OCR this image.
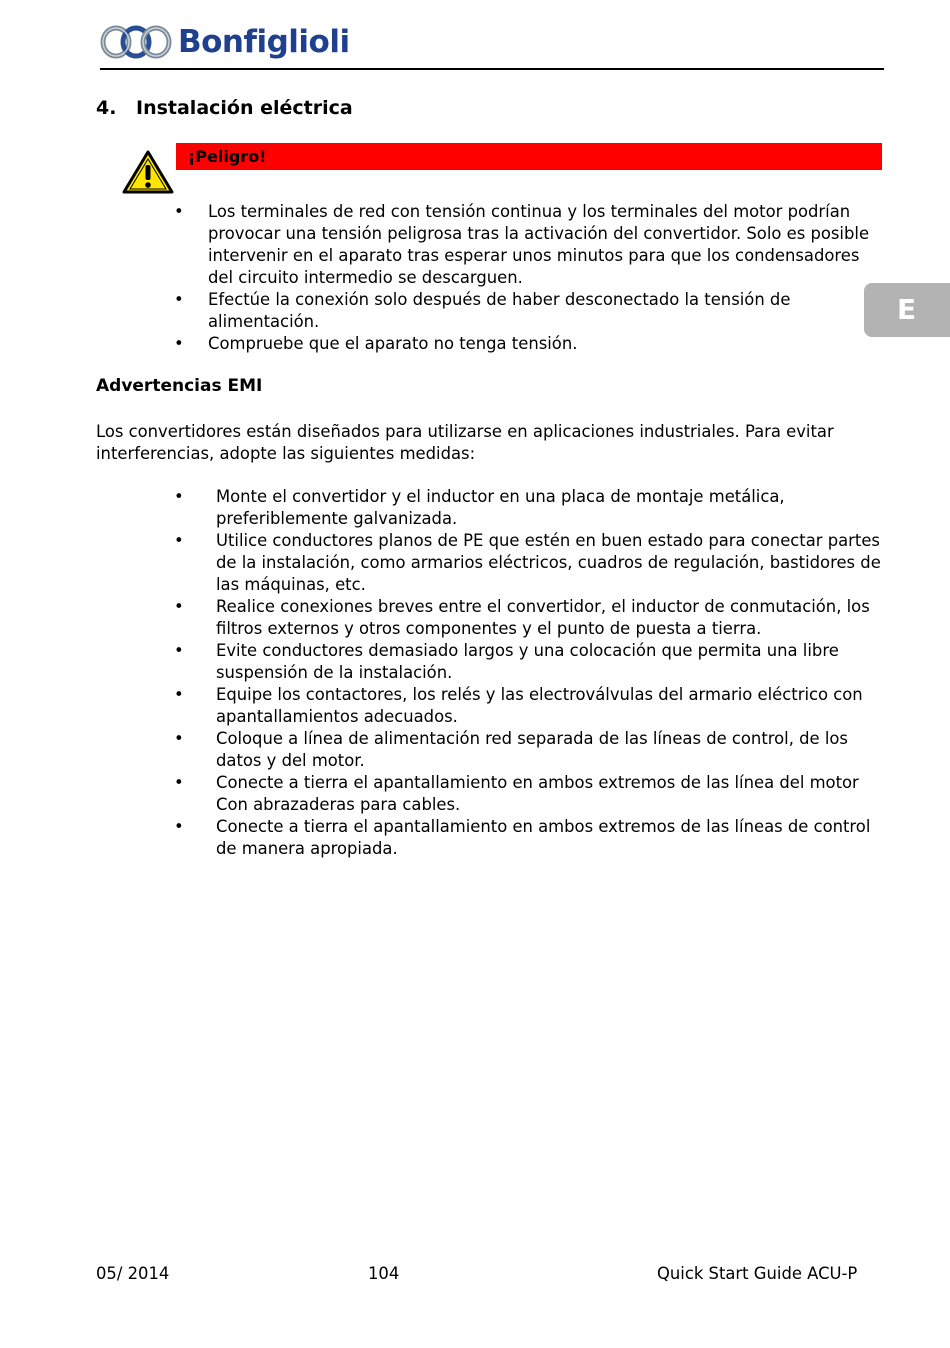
Bonfiglioli
4. Instalación eléctrica
¡Peligro!
• Los terminales de red con tensión continua y los terminales del motor podrían provocar una tensión peligrosa tras la activación del convertidor. Solo es posible intervenir en el aparato tras esperar unos minutos para que los condensadores del circuito intermedio se descarguen.
• Efectúe la conexión solo después de haber desconectado la tensión de alimentación.
• Compruebe que el aparato no tenga tensión.
Advertencias EMI
Los convertidores están diseñados para utilizarse en aplicaciones industriales. Para evitar interferencias, adopte las siguientes medidas:
• Monte el convertidor y el inductor en una placa de montaje metálica, preferiblemente galvanizada.
• Utilice conductores planos de PE que estén en buen estado para conectar partes de la instalación, como armarios eléctricos, cuadros de regulación, bastidores de las máquinas, etc.
• Realice conexiones breves entre el convertidor, el inductor de conmutación, los filtros externos y otros componentes y el punto de puesta a tierra.
• Evite conductores demasiado largos y una colocación que permita una libre suspensión de la instalación.
• Equipe los contactores, los relés y las electroválvulas del armario eléctrico con apantallamientos adecuados.
• Coloque a línea de alimentación red separada de las líneas de control, de los datos y del motor.
• Conecte a tierra el apantallamiento en ambos extremos de las línea del motor Con abrazaderas para cables.
• Conecte a tierra el apantallamiento en ambos extremos de las líneas de control de manera apropiada.
E
05/ 2014	104	Quick Start Guide ACU-P
